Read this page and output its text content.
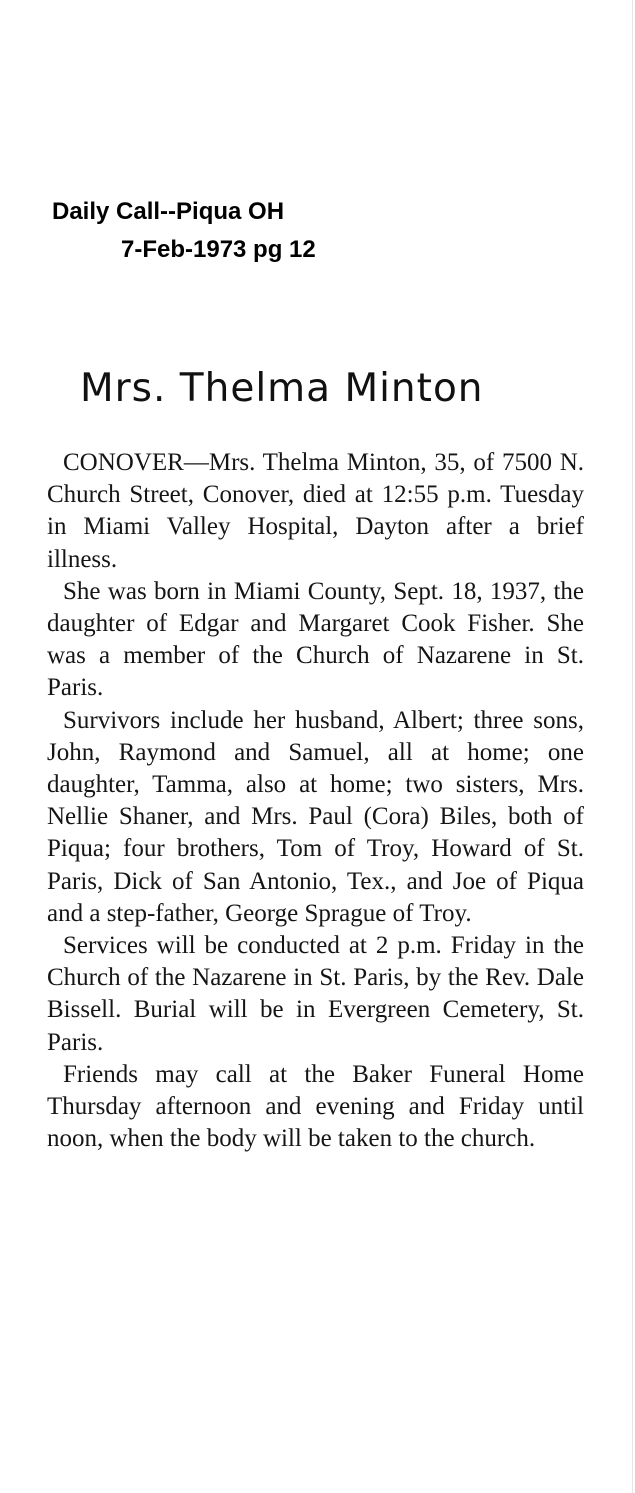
Daily Call--Piqua OH
7-Feb-1973 pg 12
Mrs. Thelma Minton

CONOVER—Mrs. Thelma Minton, 35, of 7500 N. Church Street, Conover, died at 12:55 p.m. Tuesday in Miami Valley Hospital, Dayton after a brief illness.

She was born in Miami County, Sept. 18, 1937, the daughter of Edgar and Margaret Cook Fisher. She was a member of the Church of Nazarene in St. Paris.

Survivors include her husband, Albert; three sons, John, Raymond and Samuel, all at home; one daughter, Tamma, also at home; two sisters, Mrs. Nellie Shaner, and Mrs. Paul (Cora) Biles, both of Piqua; four brothers, Tom of Troy, Howard of St. Paris, Dick of San Antonio, Tex., and Joe of Piqua and a step-father, George Sprague of Troy.

Services will be conducted at 2 p.m. Friday in the Church of the Nazarene in St. Paris, by the Rev. Dale Bissell. Burial will be in Evergreen Cemetery, St. Paris.

Friends may call at the Baker Funeral Home Thursday afternoon and evening and Friday until noon, when the body will be taken to the church.
